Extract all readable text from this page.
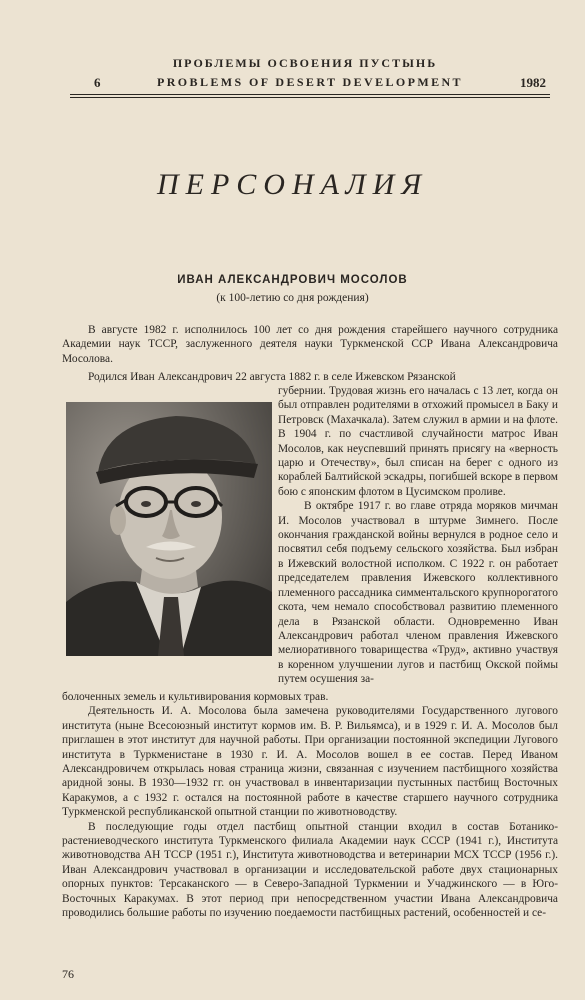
ПРОБЛЕМЫ ОСВОЕНИЯ ПУСТЫНЬ
6	PROBLEMS OF DESERT DEVELOPMENT	1982
ПЕРСОНАЛИЯ
ИВАН АЛЕКСАНДРОВИЧ МОСОЛОВ
(к 100-летию со дня рождения)

В августе 1982 г. исполнилось 100 лет со дня рождения старейшего научного сотрудника Академии наук ТССР, заслуженного деятеля науки Туркменской ССР Ивана Александровича Мосолова.

Родился Иван Александрович 22 августа 1882 г. в селе Ижевском Рязанской

губернии. Трудовая жизнь его началась с 13 лет, когда он был отправлен родителями в отхожий промысел в Баку и Петровск (Махачкала). Затем служил в армии и на флоте. В 1904 г. по счастливой случайности матрос Иван Мосолов, как неуспевший принять присягу на «верность царю и Отечеству», был списан на берег с одного из кораблей Балтийской эскадры, погибшей вскоре в первом бою с японским флотом в Цусимском проливе.

В октябре 1917 г. во главе отряда моряков мичман И. Мосолов участвовал в штурме Зимнего. После окончания гражданской войны вернулся в родное село и посвятил себя подъему сельского хозяйства. Был избран в Ижевский волостной исполком. С 1922 г. он работает председателем правления Ижевского коллективного племенного рассадника симментальского крупнорогатого скота, чем немало способствовал развитию племенного дела в Рязанской области. Одновременно Иван Александрович работал членом правления Ижевского мелиоративного товарищества «Труд», активно участвуя в коренном улучшении лугов и пастбищ Окской поймы путем осушения за-

болоченных земель и культивирования кормовых трав.

Деятельность И. А. Мосолова была замечена руководителями Государственного лугового института (ныне Всесоюзный институт кормов им. В. Р. Вильямса), и в 1929 г. И. А. Мосолов был приглашен в этот институт для научной работы. При организации постоянной экспедиции Лугового института в Туркменистане в 1930 г. И. А. Мосолов вошел в ее состав. Перед Иваном Александровичем открылась новая страница жизни, связанная с изучением пастбищного хозяйства аридной зоны. В 1930—1932 гг. он участвовал в инвентаризации пустынных пастбищ Восточных Каракумов, а с 1932 г. остался на постоянной работе в качестве старшего научного сотрудника Туркменской республиканской опытной станции по животноводству.

В последующие годы отдел пастбищ опытной станции входил в состав Ботанико-растениеводческого института Туркменского филиала Академии наук СССР (1941 г.), Института животноводства АН ТССР (1951 г.), Института животноводства и ветеринарии МСХ ТССР (1956 г.). Иван Александрович участвовал в организации и исследовательской работе двух стационарных опорных пунктов: Терсаканского — в Северо-Западной Туркмении и Учаджинского — в Юго-Восточных Каракумах. В этот период при непосредственном участии Ивана Александровича проводились большие работы по изучению поедаемости пастбищных растений, особенностей и се-

76
